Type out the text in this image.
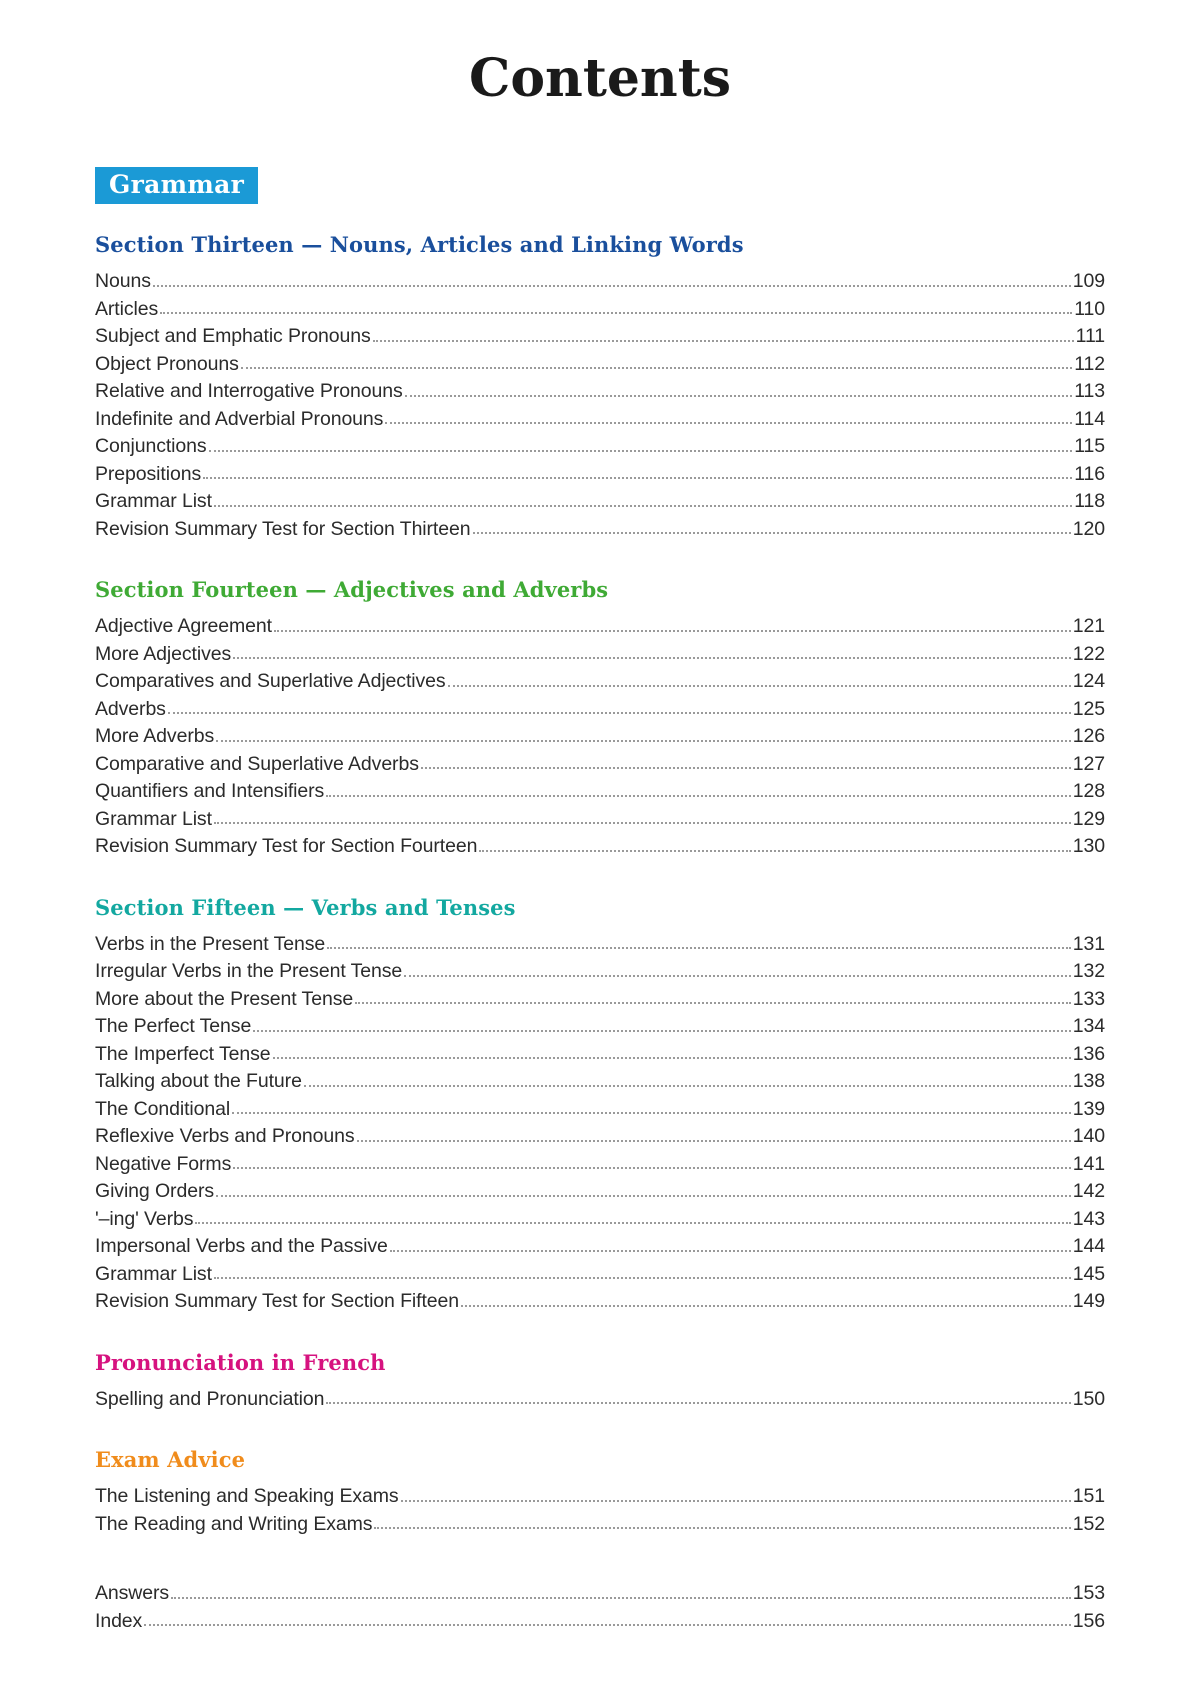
Contents
Grammar
Section Thirteen — Nouns, Articles and Linking Words
Nouns	109
Articles	110
Subject and Emphatic Pronouns	111
Object Pronouns	112
Relative and Interrogative Pronouns	113
Indefinite and Adverbial Pronouns	114
Conjunctions	115
Prepositions	116
Grammar List	118
Revision Summary Test for Section Thirteen	120
Section Fourteen — Adjectives and Adverbs
Adjective Agreement	121
More Adjectives	122
Comparatives and Superlative Adjectives	124
Adverbs	125
More Adverbs	126
Comparative and Superlative Adverbs	127
Quantifiers and Intensifiers	128
Grammar List	129
Revision Summary Test for Section Fourteen	130
Section Fifteen — Verbs and Tenses
Verbs in the Present Tense	131
Irregular Verbs in the Present Tense	132
More about the Present Tense	133
The Perfect Tense	134
The Imperfect Tense	136
Talking about the Future	138
The Conditional	139
Reflexive Verbs and Pronouns	140
Negative Forms	141
Giving Orders	142
'–ing' Verbs	143
Impersonal Verbs and the Passive	144
Grammar List	145
Revision Summary Test for Section Fifteen	149
Pronunciation in French
Spelling and Pronunciation	150
Exam Advice
The Listening and Speaking Exams	151
The Reading and Writing Exams	152
Answers	153
Index	156
